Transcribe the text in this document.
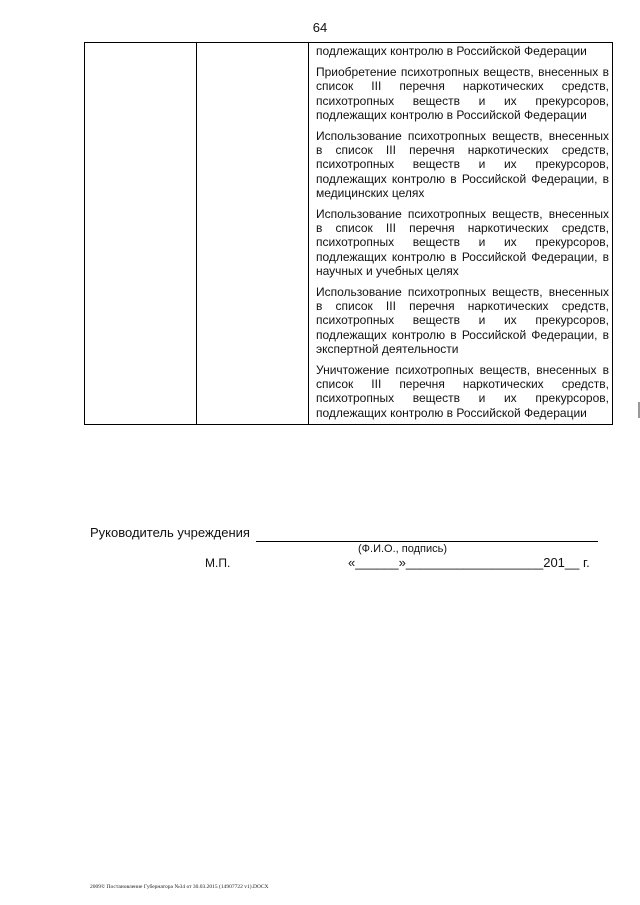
64

подлежащих контролю в Российской Федерации
Приобретение психотропных веществ, внесенных в список III перечня наркотических средств, психотропных веществ и их прекурсоров, подлежащих контролю в Российской Федерации
Использование психотропных веществ, внесенных в список III перечня наркотических средств, психотропных веществ и их прекурсоров, подлежащих контролю в Российской Федерации, в медицинских целях
Использование психотропных веществ, внесенных в список III перечня наркотических средств, психотропных веществ и их прекурсоров, подлежащих контролю в Российской Федерации, в научных и учебных целях
Использование психотропных веществ, внесенных в список III перечня наркотических средств, психотропных веществ и их прекурсоров, подлежащих контролю в Российской Федерации, в экспертной деятельности
Уничтожение психотропных веществ, внесенных в список III перечня наркотических средств, психотропных веществ и их прекурсоров, подлежащих контролю в Российской Федерации
Руководитель учреждения
(Ф.И.О., подпись)
М.П.	«______»___________________201__ г.
2009© Постановление Губернатора №34 от 30.03.2015 (14907722 v1).DOCX
